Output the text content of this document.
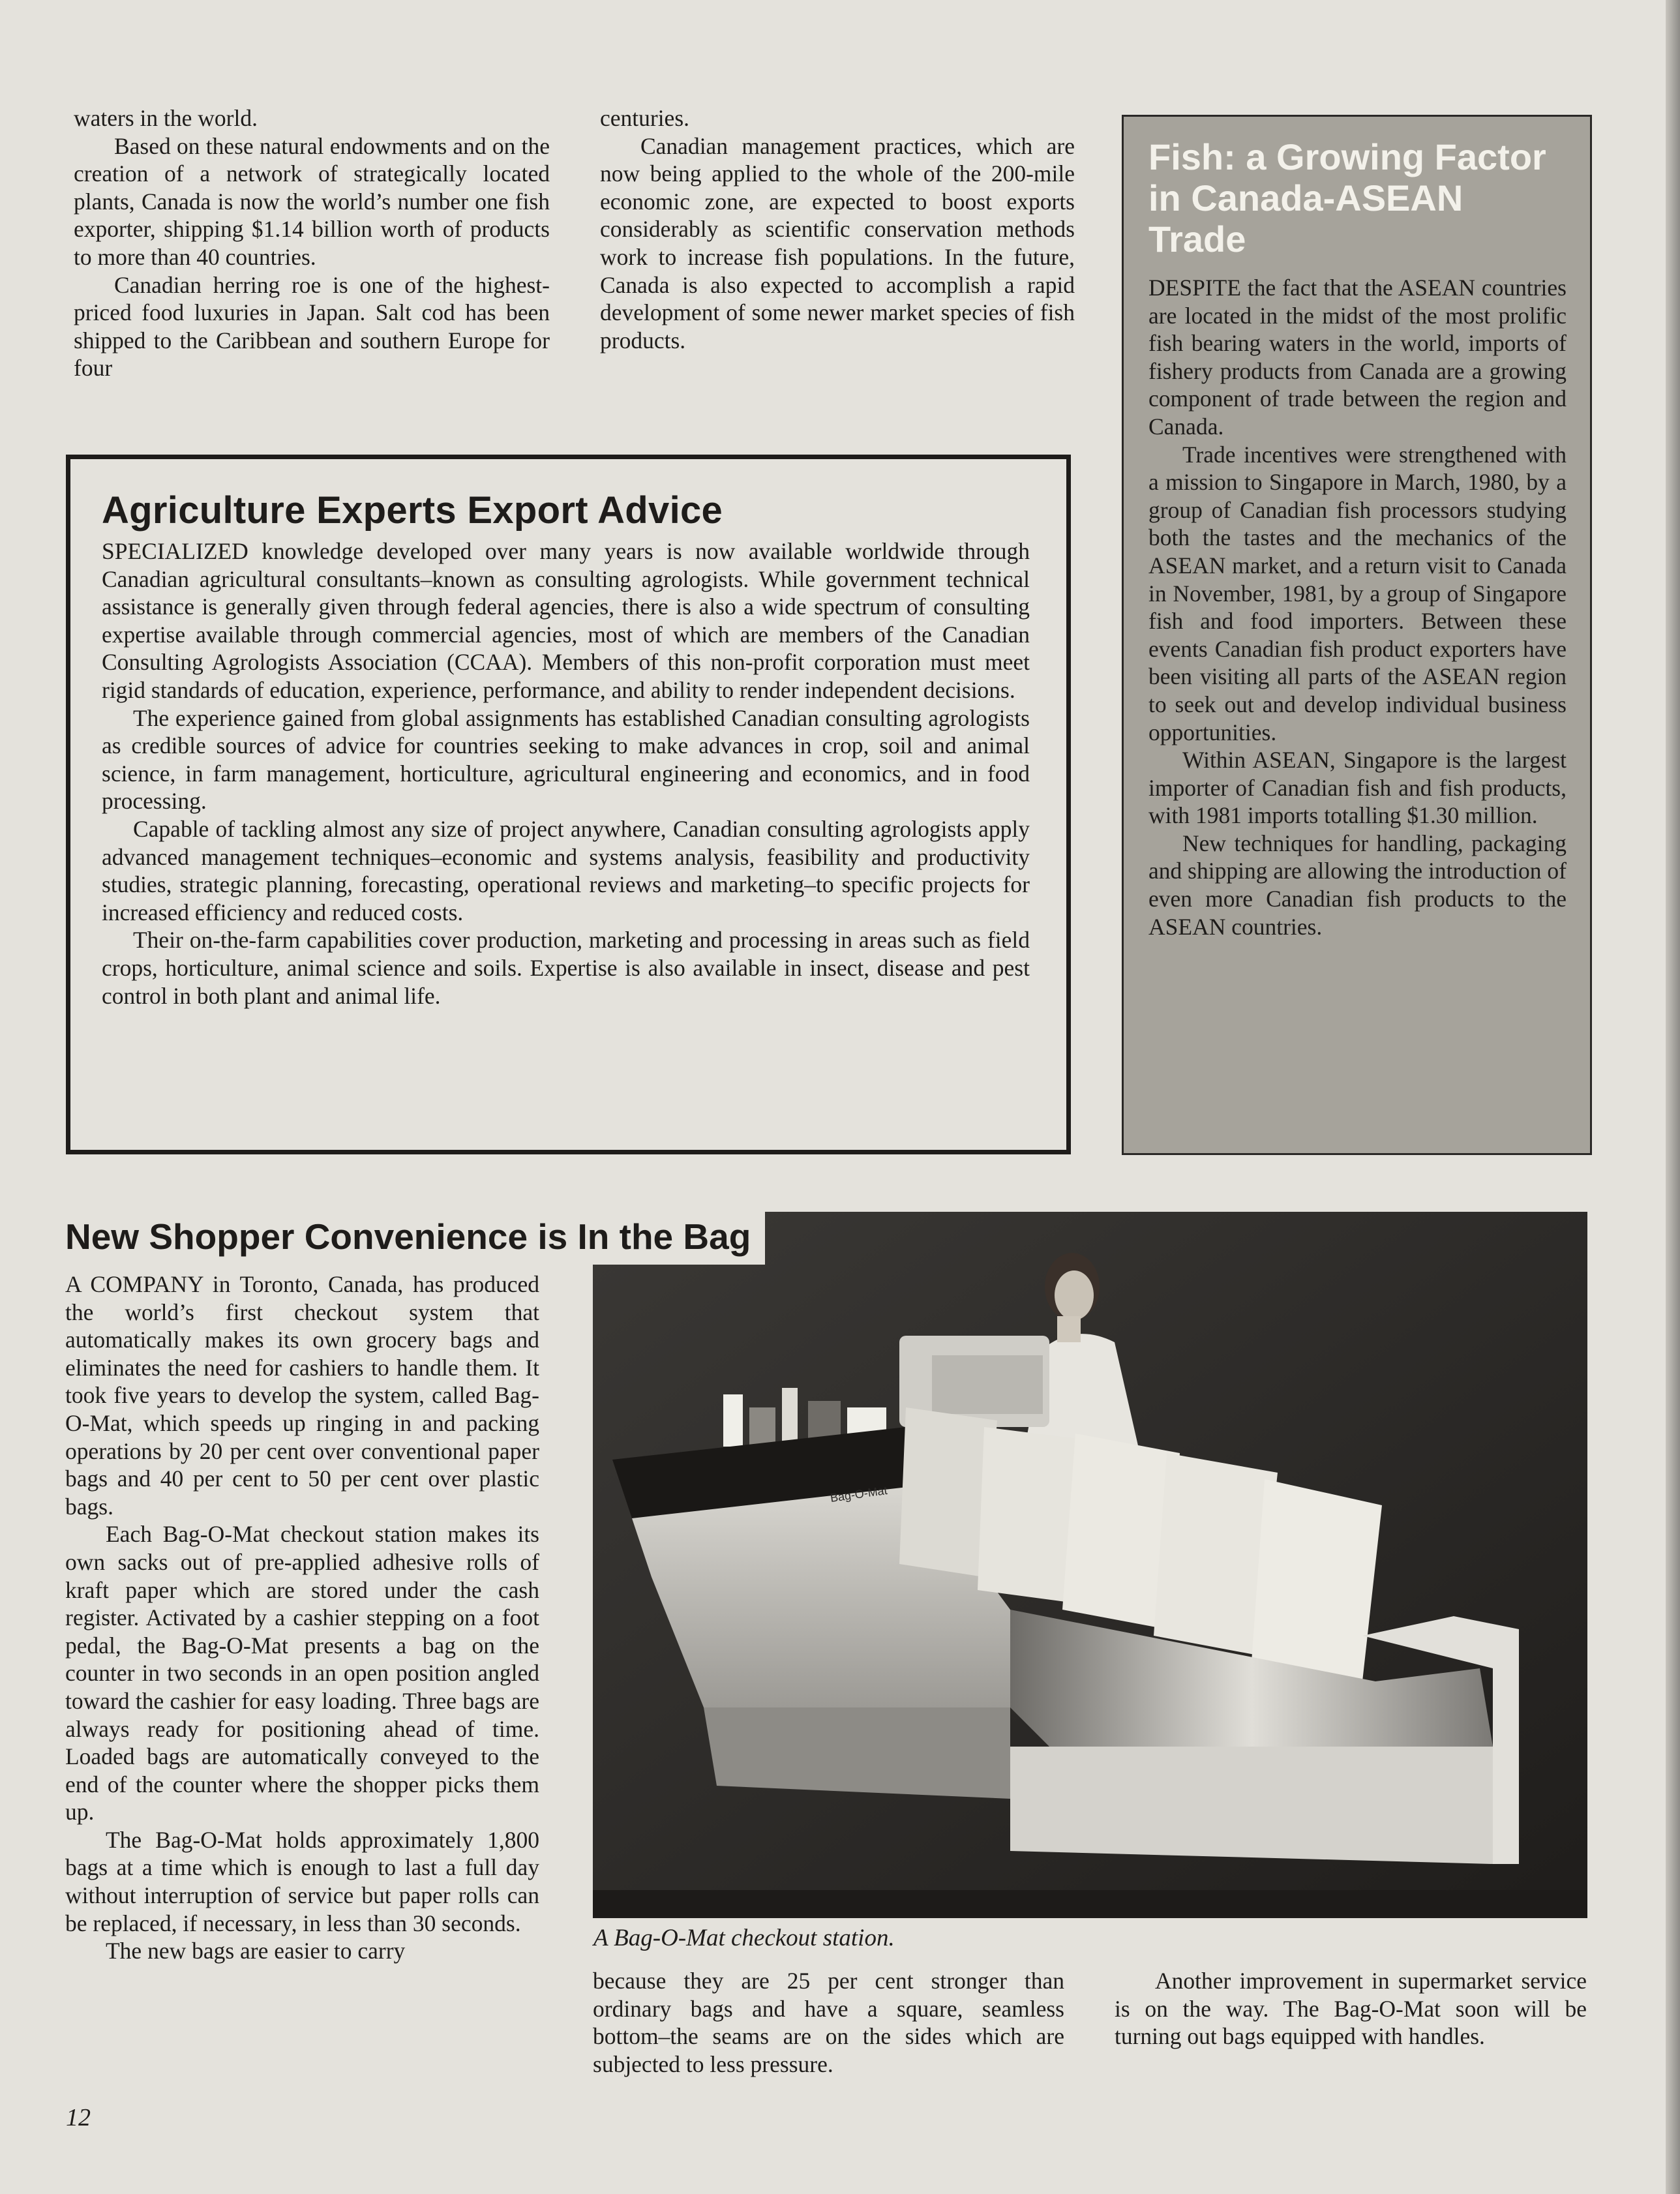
waters in the world.

Based on these natural endowments and on the creation of a network of strategically located plants, Canada is now the world’s number one fish exporter, shipping $1.14 billion worth of products to more than 40 countries.

Canadian herring roe is one of the highest-priced food luxuries in Japan. Salt cod has been shipped to the Caribbean and southern Europe for four

centuries.

Canadian management practices, which are now being applied to the whole of the 200-mile economic zone, are expected to boost exports considerably as scientific conservation methods work to increase fish populations. In the future, Canada is also expected to accomplish a rapid development of some newer market species of fish products.

Agriculture Experts Export Advice

SPECIALIZED knowledge developed over many years is now available worldwide through Canadian agricultural consultants–known as consulting agrologists. While government technical assistance is generally given through federal agencies, there is also a wide spectrum of consulting expertise available through commercial agencies, most of which are members of the Canadian Consulting Agrologists Association (CCAA). Members of this non-profit corporation must meet rigid standards of education, experience, performance, and ability to render independent decisions.

The experience gained from global assignments has established Canadian consulting agrologists as credible sources of advice for countries seeking to make advances in crop, soil and animal science, in farm management, horticulture, agricultural engineering and economics, and in food processing.

Capable of tackling almost any size of project anywhere, Canadian consulting agrologists apply advanced management techniques–economic and systems analysis, feasibility and productivity studies, strategic planning, forecasting, operational reviews and marketing–to specific projects for increased efficiency and reduced costs.

Their on-the-farm capabilities cover production, marketing and processing in areas such as field crops, horticulture, animal science and soils. Expertise is also available in insect, disease and pest control in both plant and animal life.

Fish: a Growing Factor in Canada-ASEAN Trade

DESPITE the fact that the ASEAN countries are located in the midst of the most prolific fish bearing waters in the world, imports of fishery products from Canada are a growing component of trade between the region and Canada.

Trade incentives were strengthened with a mission to Singapore in March, 1980, by a group of Canadian fish processors studying both the tastes and the mechanics of the ASEAN market, and a return visit to Canada in November, 1981, by a group of Singapore fish and food importers. Between these events Canadian fish product exporters have been visiting all parts of the ASEAN region to seek out and develop individual business opportunities.

Within ASEAN, Singapore is the largest importer of Canadian fish and fish products, with 1981 imports totalling $1.30 million.

New techniques for handling, packaging and shipping are allowing the introduction of even more Canadian fish products to the ASEAN countries.

New Shopper Convenience is In the Bag
Bag-O-Mat
A Bag-O-Mat checkout station.

A COMPANY in Toronto, Canada, has produced the world’s first checkout system that automatically makes its own grocery bags and eliminates the need for cashiers to handle them. It took five years to develop the system, called Bag-O-Mat, which speeds up ringing in and packing operations by 20 per cent over conventional paper bags and 40 per cent to 50 per cent over plastic bags.

Each Bag-O-Mat checkout station makes its own sacks out of pre-applied adhesive rolls of kraft paper which are stored under the cash register. Activated by a cashier stepping on a foot pedal, the Bag-O-Mat presents a bag on the counter in two seconds in an open position angled toward the cashier for easy loading. Three bags are always ready for positioning ahead of time. Loaded bags are automatically conveyed to the end of the counter where the shopper picks them up.

The Bag-O-Mat holds approximately 1,800 bags at a time which is enough to last a full day without interruption of service but paper rolls can be replaced, if necessary, in less than 30 seconds.

The new bags are easier to carry

because they are 25 per cent stronger than ordinary bags and have a square, seamless bottom–the seams are on the sides which are subjected to less pressure.

Another improvement in supermarket service is on the way. The Bag-O-Mat soon will be turning out bags equipped with handles.

12
